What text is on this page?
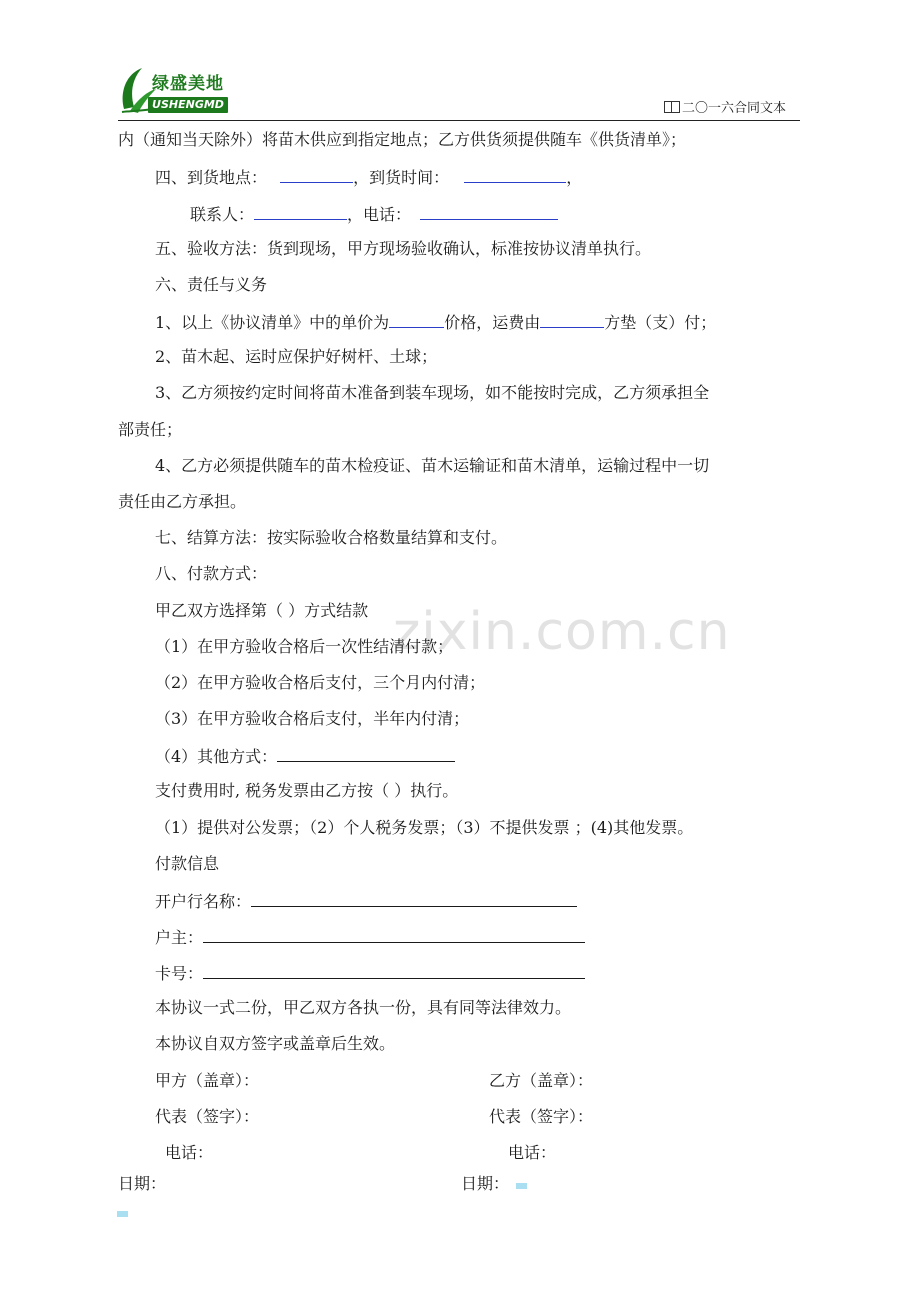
绿盛美地
USHENGMD	二〇一六合同文本
zixin.com.cn
内（通知当天除外）将苗木供应到指定地点；乙方供货须提供随车《供货清单》；
四、到货地点：	，到货时间：	，
联系人：	，电话：
五、验收方法：货到现场，甲方现场验收确认，标准按协议清单执行。
六、责任与义务
1、以上《协议清单》中的单价为	价格，运费由	方垫（支）付；
2、苗木起、运时应保护好树杆、土球；
3、乙方须按约定时间将苗木准备到装车现场，如不能按时完成，乙方须承担全
部责任；
4、乙方必须提供随车的苗木检疫证、苗木运输证和苗木清单，运输过程中一切
责任由乙方承担。
七、结算方法：按实际验收合格数量结算和支付。
八、付款方式：
甲乙双方选择第（ ）方式结款
（1）在甲方验收合格后一次性结清付款；
（2）在甲方验收合格后支付，三个月内付清；
（3）在甲方验收合格后支付，半年内付清；
（4）其他方式：
支付费用时, 税务发票由乙方按（ ）执行。
（1）提供对公发票；（2）个人税务发票；（3）不提供发票 ；(4)其他发票。
付款信息
开户行名称：
户主：
卡号：
本协议一式二份，甲乙双方各执一份，具有同等法律效力。
本协议自双方签字或盖章后生效。
甲方（盖章）：	乙方（盖章）：
代表（签字）：	代表（签字）：
电话：	电话：
日期：	日期：
